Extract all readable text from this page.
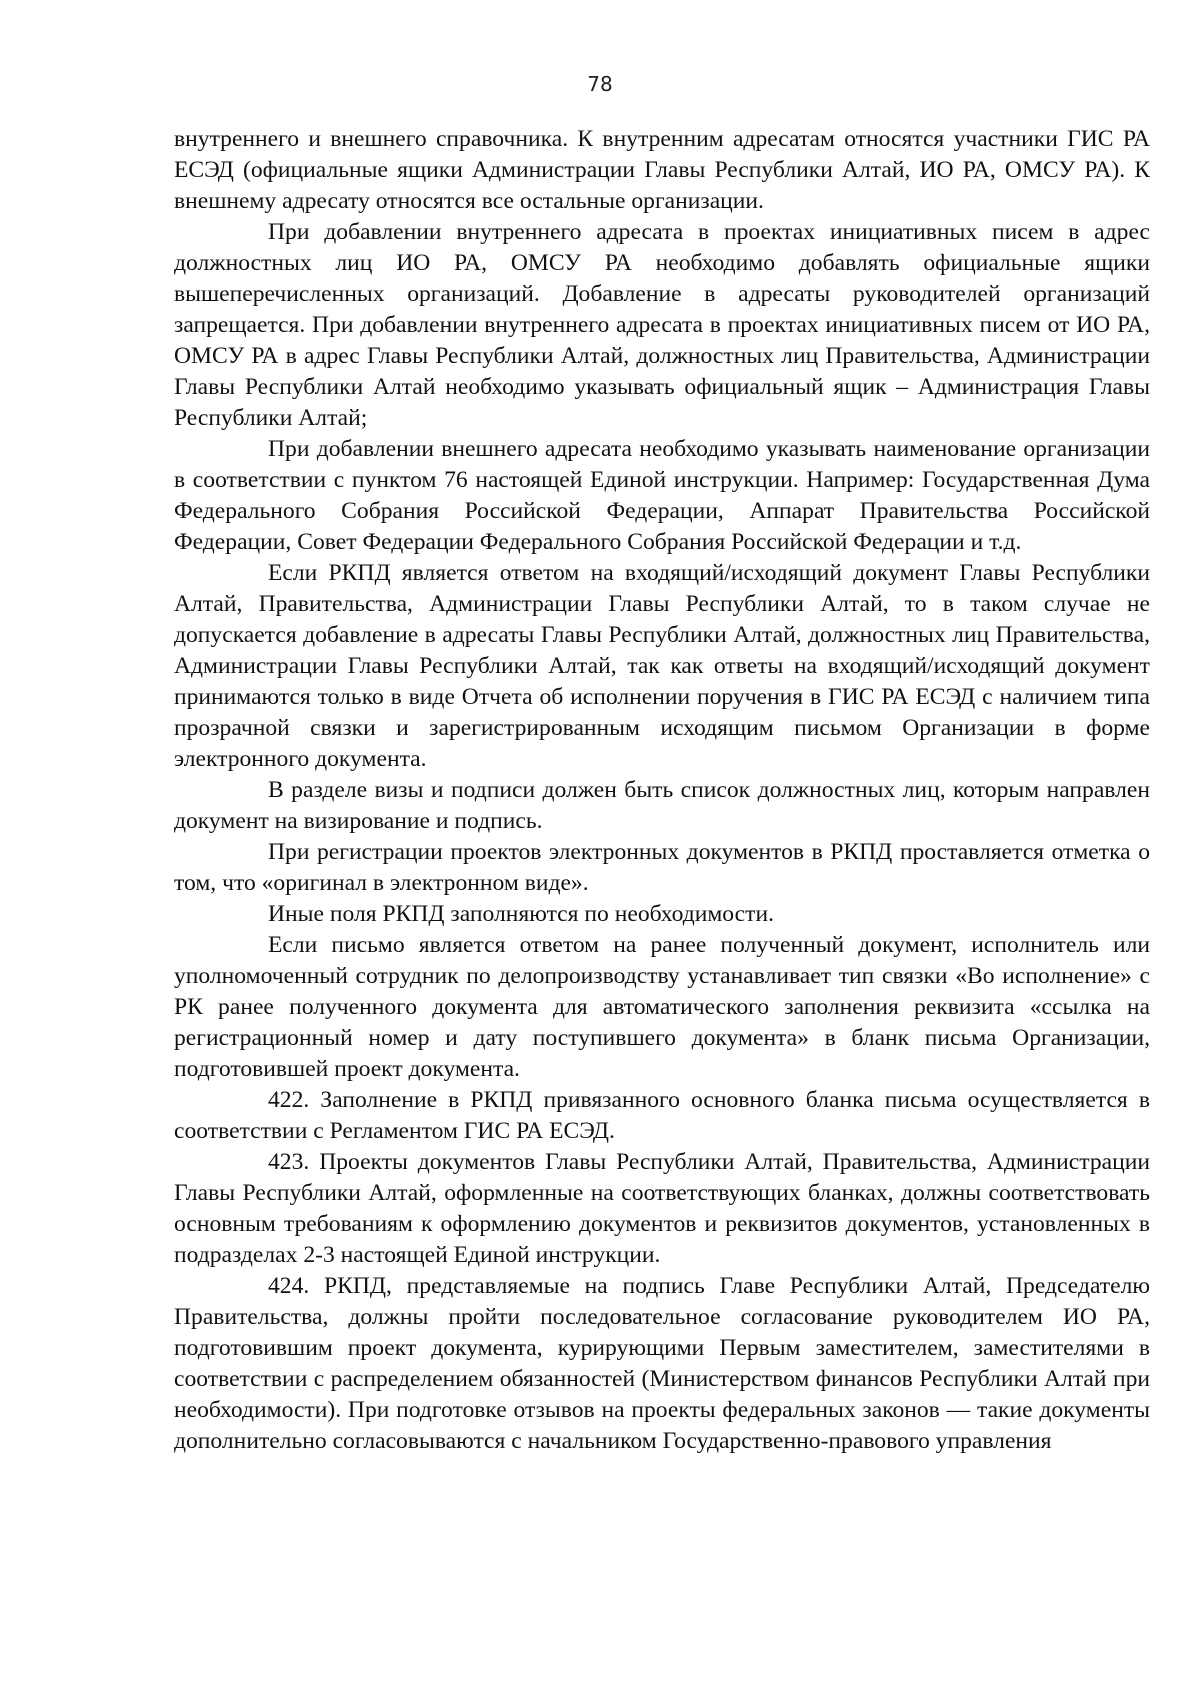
78

внутреннего и внешнего справочника. К внутренним адресатам относятся участники ГИС РА ЕСЭД (официальные ящики Администрации Главы Республики Алтай, ИО РА, ОМСУ РА). К внешнему адресату относятся все остальные организации.

При добавлении внутреннего адресата в проектах инициативных писем в адрес должностных лиц ИО РА, ОМСУ РА необходимо добавлять официальные ящики вышеперечисленных организаций. Добавление в адресаты руководителей организаций запрещается. При добавлении внутреннего адресата в проектах инициативных писем от ИО РА, ОМСУ РА в адрес Главы Республики Алтай, должностных лиц Правительства, Администрации Главы Республики Алтай необходимо указывать официальный ящик – Администрация Главы Республики Алтай;

При добавлении внешнего адресата необходимо указывать наименование организации в соответствии с пунктом 76 настоящей Единой инструкции. Например: Государственная Дума Федерального Собрания Российской Федерации, Аппарат Правительства Российской Федерации, Совет Федерации Федерального Собрания Российской Федерации и т.д.

Если РКПД является ответом на входящий/исходящий документ Главы Республики Алтай, Правительства, Администрации Главы Республики Алтай, то в таком случае не допускается добавление в адресаты Главы Республики Алтай, должностных лиц Правительства, Администрации Главы Республики Алтай, так как ответы на входящий/исходящий документ принимаются только в виде Отчета об исполнении поручения в ГИС РА ЕСЭД с наличием типа прозрачной связки и зарегистрированным исходящим письмом Организации в форме электронного документа.

В разделе визы и подписи должен быть список должностных лиц, которым направлен документ на визирование и подпись.

При регистрации проектов электронных документов в РКПД проставляется отметка о том, что «оригинал в электронном виде».

Иные поля РКПД заполняются по необходимости.

Если письмо является ответом на ранее полученный документ, исполнитель или уполномоченный сотрудник по делопроизводству устанавливает тип связки «Во исполнение» с РК ранее полученного документа для автоматического заполнения реквизита «ссылка на регистрационный номер и дату поступившего документа» в бланк письма Организации, подготовившей проект документа.

422. Заполнение в РКПД привязанного основного бланка письма осуществляется в соответствии с Регламентом ГИС РА ЕСЭД.

423. Проекты документов Главы Республики Алтай, Правительства, Администрации Главы Республики Алтай, оформленные на соответствующих бланках, должны соответствовать основным требованиям к оформлению документов и реквизитов документов, установленных в подразделах 2-3 настоящей Единой инструкции.

424. РКПД, представляемые на подпись Главе Республики Алтай, Председателю Правительства, должны пройти последовательное согласование руководителем ИО РА, подготовившим проект документа, курирующими Первым заместителем, заместителями в соответствии с распределением обязанностей (Министерством финансов Республики Алтай при необходимости). При подготовке отзывов на проекты федеральных законов — такие документы дополнительно согласовываются с начальником Государственно-правового управления
